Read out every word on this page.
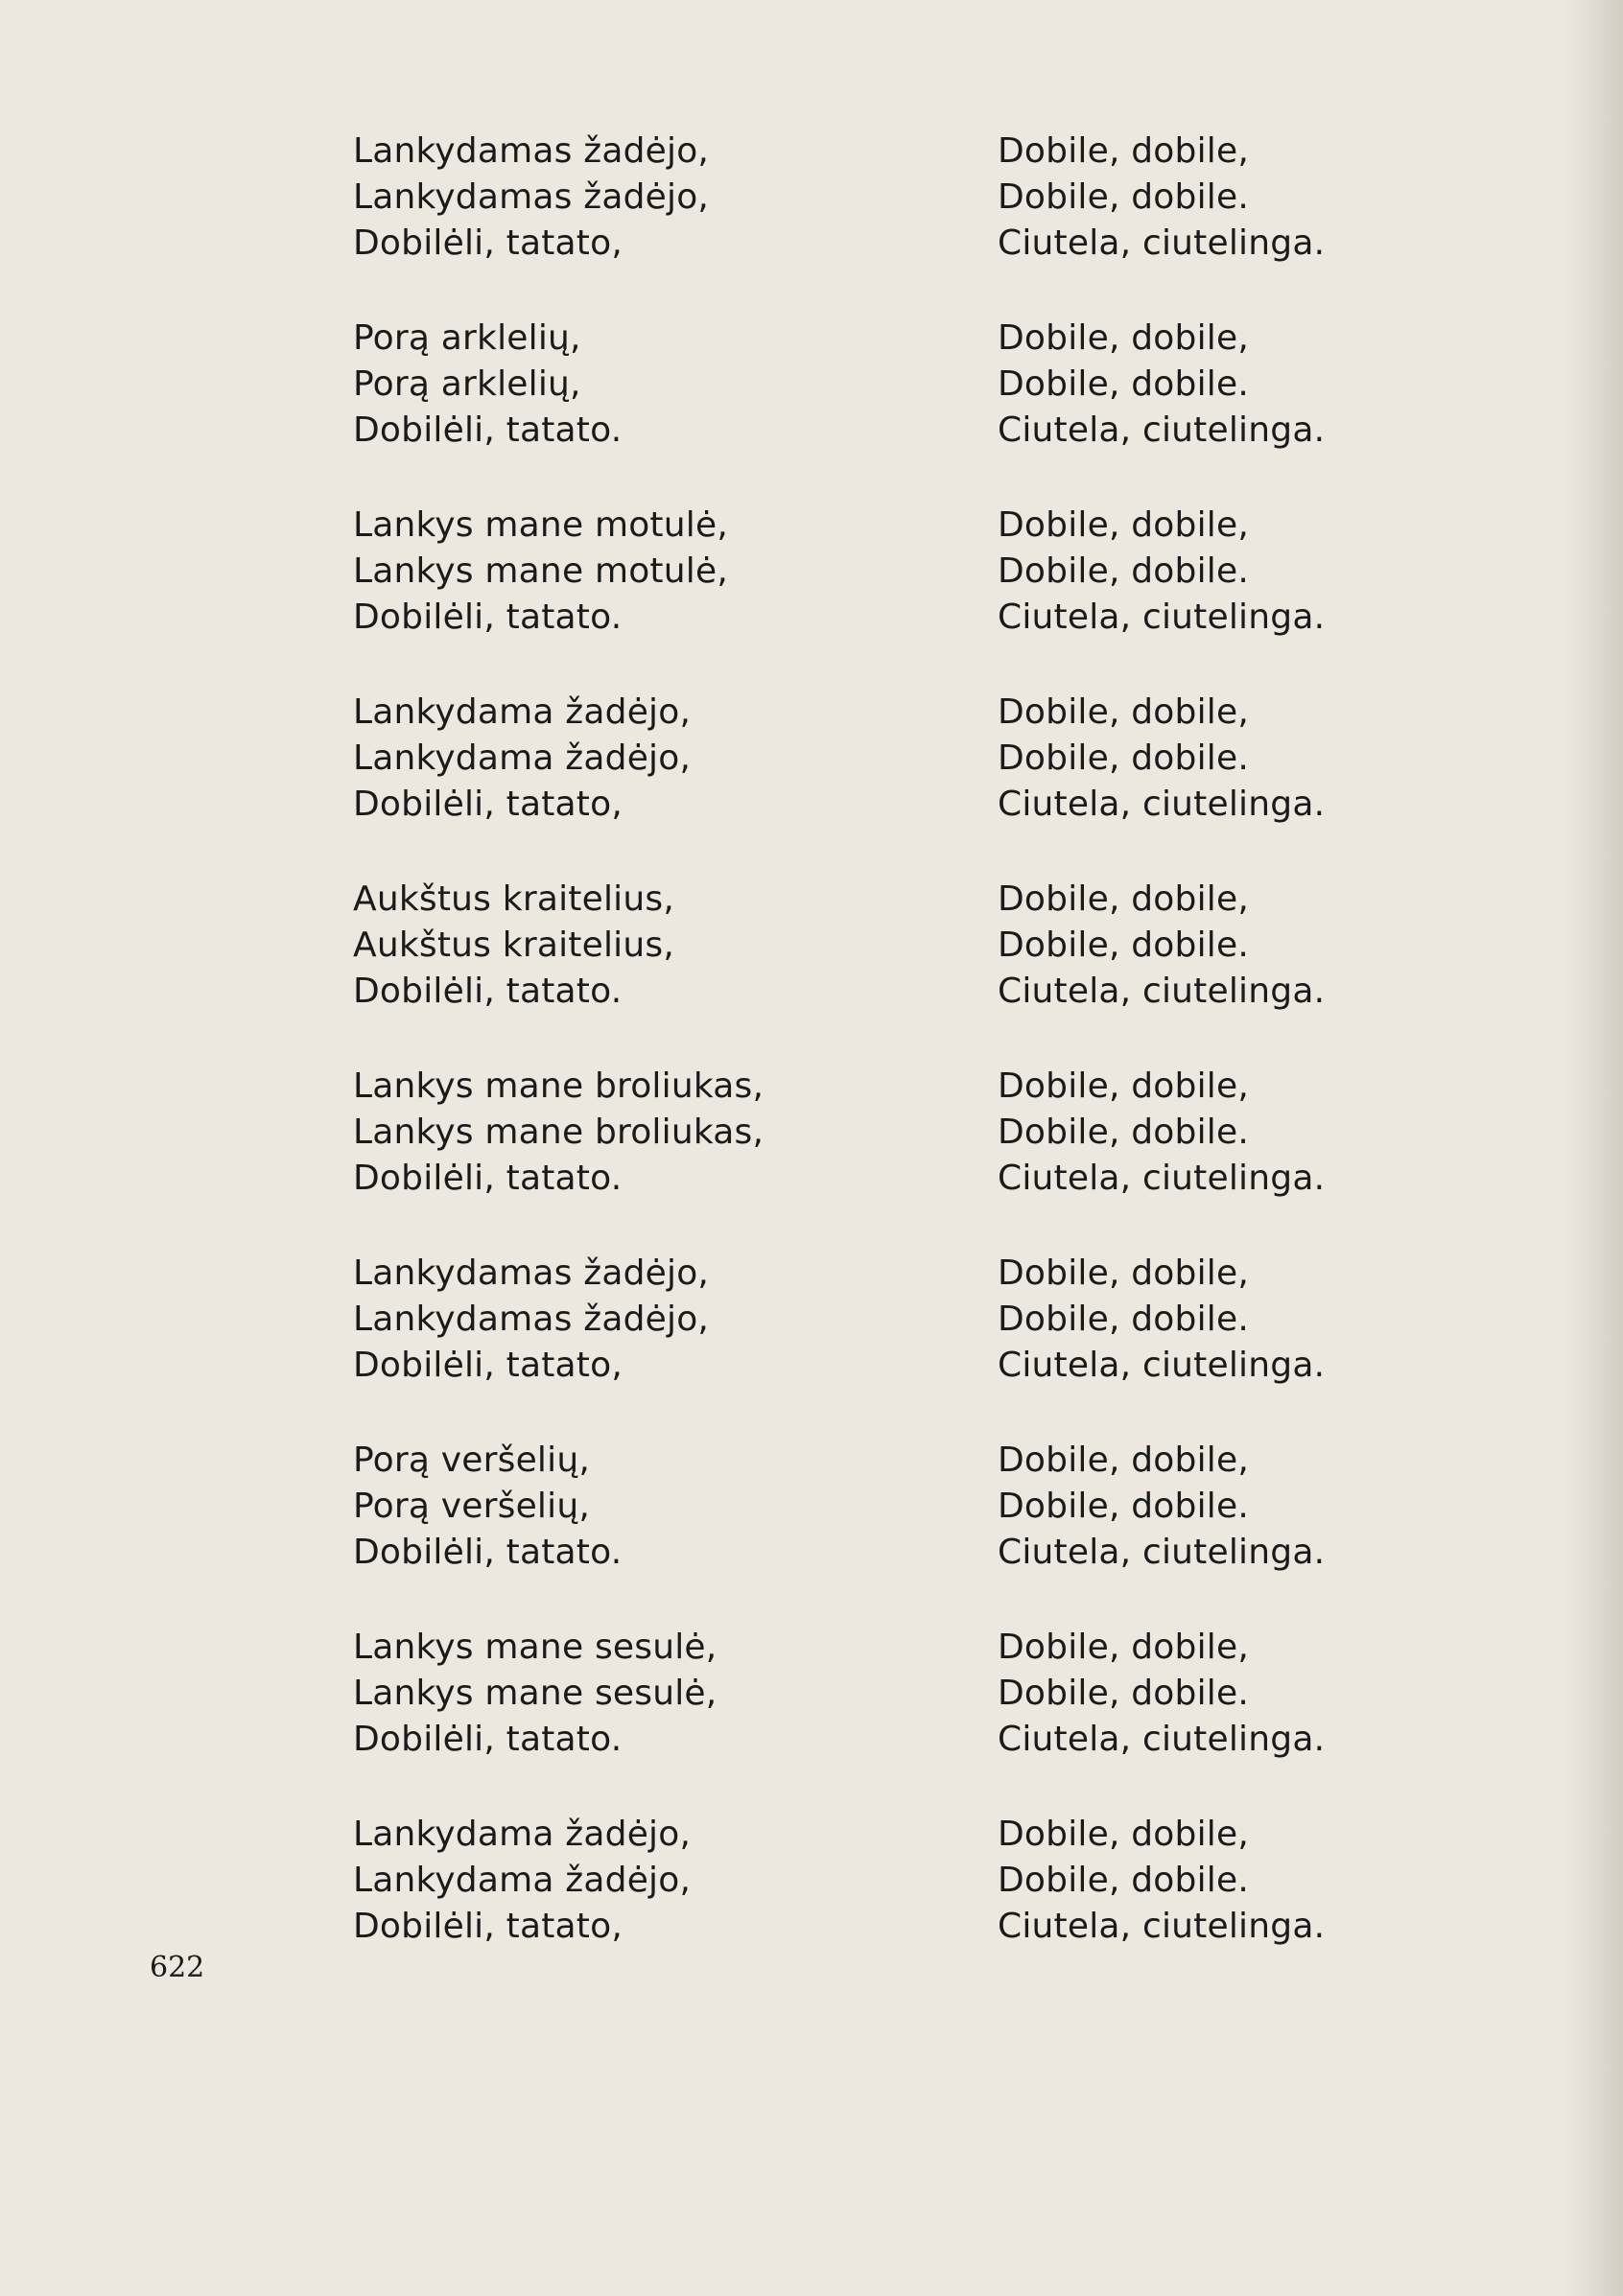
Lankydamas žadėjo,
Lankydamas žadėjo,
Dobilėli, tatato,
Dobile, dobile,
Dobile, dobile.
Ciutela, ciutelinga.
Porą arklelių,
Porą arklelių,
Dobilėli, tatato.
Dobile, dobile,
Dobile, dobile.
Ciutela, ciutelinga.
Lankys mane motulė,
Lankys mane motulė,
Dobilėli, tatato.
Dobile, dobile,
Dobile, dobile.
Ciutela, ciutelinga.
Lankydama žadėjo,
Lankydama žadėjo,
Dobilėli, tatato,
Dobile, dobile,
Dobile, dobile.
Ciutela, ciutelinga.
Aukštus kraitelius,
Aukštus kraitelius,
Dobilėli, tatato.
Dobile, dobile,
Dobile, dobile.
Ciutela, ciutelinga.
Lankys mane broliukas,
Lankys mane broliukas,
Dobilėli, tatato.
Dobile, dobile,
Dobile, dobile.
Ciutela, ciutelinga.
Lankydamas žadėjo,
Lankydamas žadėjo,
Dobilėli, tatato,
Dobile, dobile,
Dobile, dobile.
Ciutela, ciutelinga.
Porą veršelių,
Porą veršelių,
Dobilėli, tatato.
Dobile, dobile,
Dobile, dobile.
Ciutela, ciutelinga.
Lankys mane sesulė,
Lankys mane sesulė,
Dobilėli, tatato.
Dobile, dobile,
Dobile, dobile.
Ciutela, ciutelinga.
Lankydama žadėjo,
Lankydama žadėjo,
Dobilėli, tatato,
Dobile, dobile,
Dobile, dobile.
Ciutela, ciutelinga.
622
